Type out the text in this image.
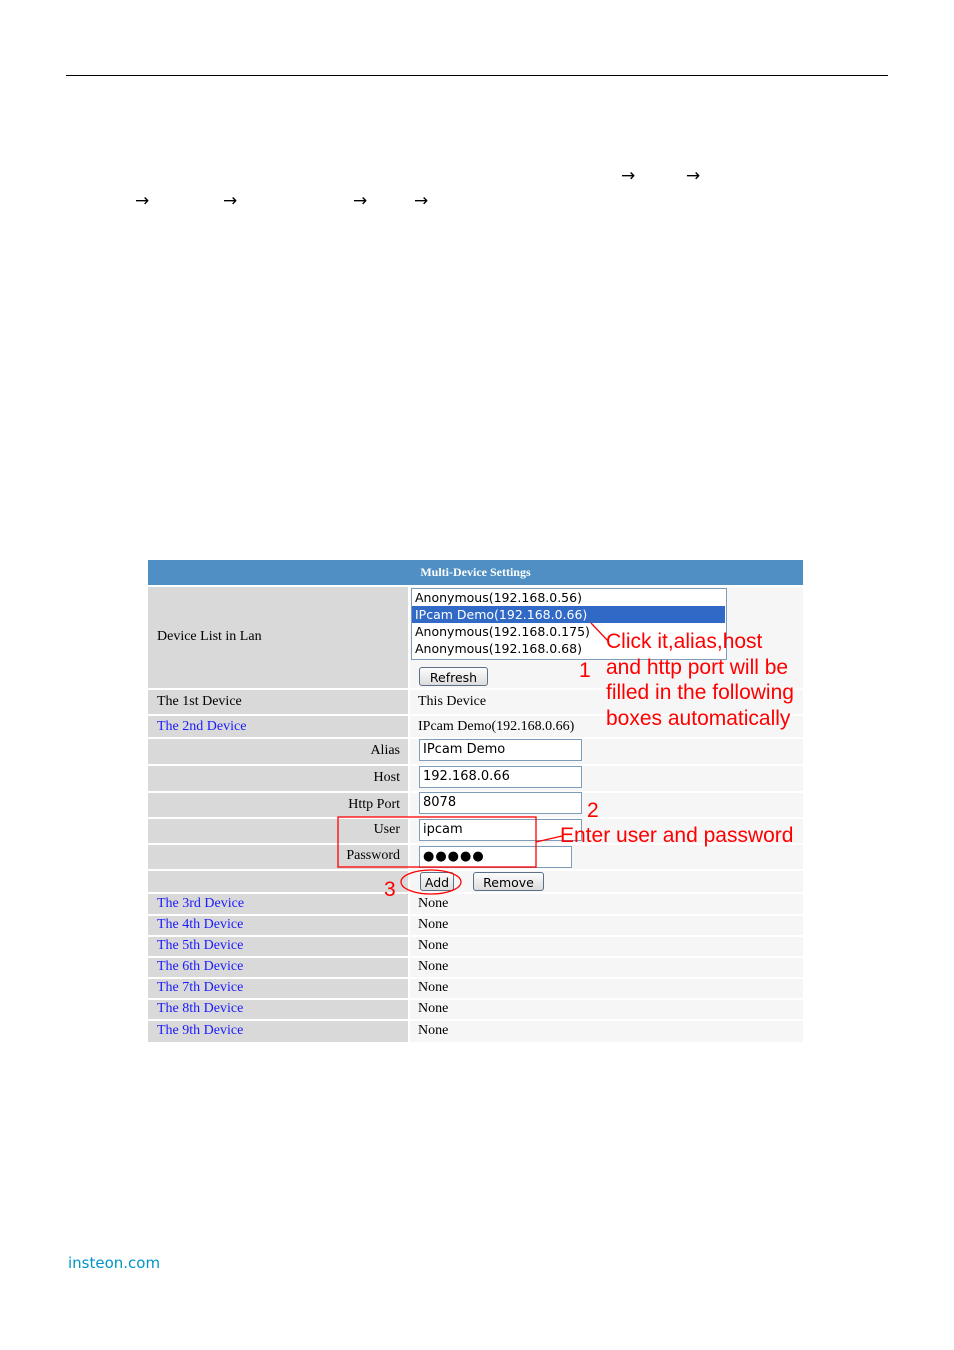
→	→
→	→	→	→
Multi-Device Settings
Device List in Lan
Anonymous(192.168.0.56)
IPcam Demo(192.168.0.66)
Anonymous(192.168.0.175)
Anonymous(192.168.0.68)
Refresh
The 1st Device	This Device
The 2nd Device	IPcam Demo(192.168.0.66)
Alias	IPcam Demo
Host	192.168.0.66
Http Port	8078
User	ipcam
Password	●●●●●
Add	Remove
The 3rd Device	None
The 4th Device	None
The 5th Device	None
The 6th Device	None
The 7th Device	None
The 8th Device	None
The 9th Device	None
1
Click it,alias,host
and http port will be
filled in the following
boxes automatically
2
Enter user and password
3
insteon.com
